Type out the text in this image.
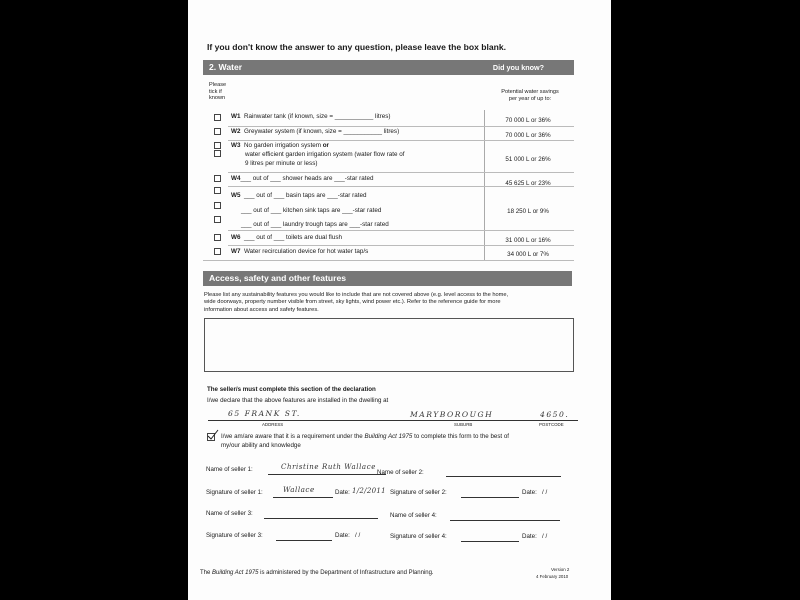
If you don't know the answer to any question, please leave the box blank.
2. Water	Did you know?
Please
tick if
known
Potential water savings
per year of up to:
W1 Rainwater tank (if known, size = ___________ litres)
70 000 L or 36%
W2 Greywater system (if known, size = ___________ litres)
70 000 L or 36%
W3 No garden irrigation system or
water efficient garden irrigation system (water flow rate of
9 litres per minute or less)
51 000 L or 26%
W4___ out of ___ shower heads are ___-star rated
45 625 L or 23%
W5 ___ out of ___ basin taps are ___-star rated
___ out of ___ kitchen sink taps are ___-star rated
___ out of ___ laundry trough taps are ___-star rated
18 250 L or 9%
W6 ___ out of ___ toilets are dual flush	31 000 L or 16%
W7 Water recirculation device for hot water tap/s	34 000 L or 7%
Access, safety and other features
Please list any sustainability features you would like to include that are not covered above (e.g. level access to the home,
wide doorways, property number visible from street, sky lights, wind power etc.). Refer to the reference guide for more
information about access and safety features.
The seller/s must complete this section of the declaration
I/we declare that the above features are installed in the dwelling at
65 FRANK ST.	MARYBOROUGH	4650.
ADDRESS	SUBURB	POSTCODE
I/we am/are aware that it is a requirement under the Building Act 1975 to complete this form to the best of
my/our ability and knowledge
Name of seller 1:	Christine Ruth Wallace
Name of seller 2:
Signature of seller 1:	Wallace	Date: 1/2/2011 Signature of seller 2:	Date: / /
Name of seller 3:	Name of seller 4:
Signature of seller 3:	Date: / /	Signature of seller 4:	Date: / /
The Building Act 1975 is administered by the Department of Infrastructure and Planning.
Version 2
4 February 2010
